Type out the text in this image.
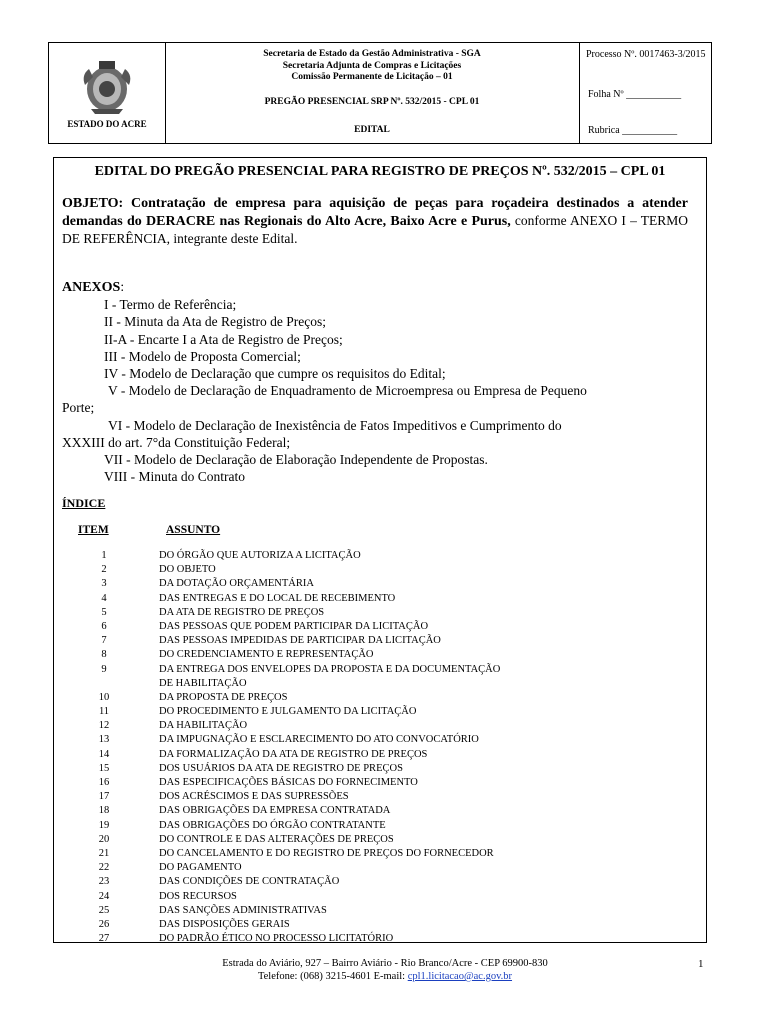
ESTADO DO ACRE
Secretaria de Estado da Gestão Administrativa - SGA
Secretaria Adjunta de Compras e Licitações
Comissão Permanente de Licitação – 01
PREGÃO PRESENCIAL SRP Nº. 532/2015 - CPL 01
EDITAL
Processo Nº. 0017463-3/2015
Folha Nº ___________
Rubrica ___________
EDITAL DO PREGÃO PRESENCIAL PARA REGISTRO DE PREÇOS Nº. 532/2015 – CPL 01
OBJETO: Contratação de empresa para aquisição de peças para roçadeira destinados a atender demandas do DERACRE nas Regionais do Alto Acre, Baixo Acre e Purus, conforme ANEXO I – TERMO DE REFERÊNCIA, integrante deste Edital.
ANEXOS:
I - Termo de Referência;
II - Minuta da Ata de Registro de Preços;
II-A - Encarte I a Ata de Registro de Preços;
III - Modelo de Proposta Comercial;
IV - Modelo de Declaração que cumpre os requisitos do Edital;
V - Modelo de Declaração de Enquadramento de Microempresa ou Empresa de Pequeno
Porte;
VI - Modelo de Declaração de Inexistência de Fatos Impeditivos e Cumprimento do
XXXIII do art. 7°da Constituição Federal;
VII - Modelo de Declaração de Elaboração Independente de Propostas.
VIII - Minuta do Contrato
ÍNDICE
ITEM	ASSUNTO
1	DO ÓRGÃO QUE AUTORIZA A LICITAÇÃO
2	DO OBJETO
3	DA DOTAÇÃO ORÇAMENTÁRIA
4	DAS ENTREGAS E DO LOCAL DE RECEBIMENTO
5	DA ATA DE REGISTRO DE PREÇOS
6	DAS PESSOAS QUE PODEM PARTICIPAR DA LICITAÇÃO
7	DAS PESSOAS IMPEDIDAS DE PARTICIPAR DA LICITAÇÃO
8	DO CREDENCIAMENTO E REPRESENTAÇÃO
9	DA ENTREGA DOS ENVELOPES DA PROPOSTA E DA DOCUMENTAÇÃO
DE HABILITAÇÃO
10	DA PROPOSTA DE PREÇOS
11	DO PROCEDIMENTO E JULGAMENTO DA LICITAÇÃO
12	DA HABILITAÇÃO
13	DA IMPUGNAÇÃO E ESCLARECIMENTO DO ATO CONVOCATÓRIO
14	DA FORMALIZAÇÃO DA ATA DE REGISTRO DE PREÇOS
15	DOS USUÁRIOS DA ATA DE REGISTRO DE PREÇOS
16	DAS ESPECIFICAÇÕES BÁSICAS DO FORNECIMENTO
17	DOS ACRÉSCIMOS E DAS SUPRESSÕES
18	DAS OBRIGAÇÕES DA EMPRESA CONTRATADA
19	DAS OBRIGAÇÕES DO ÓRGÃO CONTRATANTE
20	DO CONTROLE E DAS ALTERAÇÕES DE PREÇOS
21	DO CANCELAMENTO E DO REGISTRO DE PREÇOS DO FORNECEDOR
22	DO PAGAMENTO
23	DAS CONDIÇÕES DE CONTRATAÇÃO
24	DOS RECURSOS
25	DAS SANÇÕES ADMINISTRATIVAS
26	DAS DISPOSIÇÕES GERAIS
27	DO PADRÃO ÉTICO NO PROCESSO LICITATÓRIO
Estrada do Aviário, 927 – Bairro Aviário - Rio Branco/Acre - CEP 69900-830
Telefone: (068) 3215-4601 E-mail: cpl1.licitacao@ac.gov.br
1
